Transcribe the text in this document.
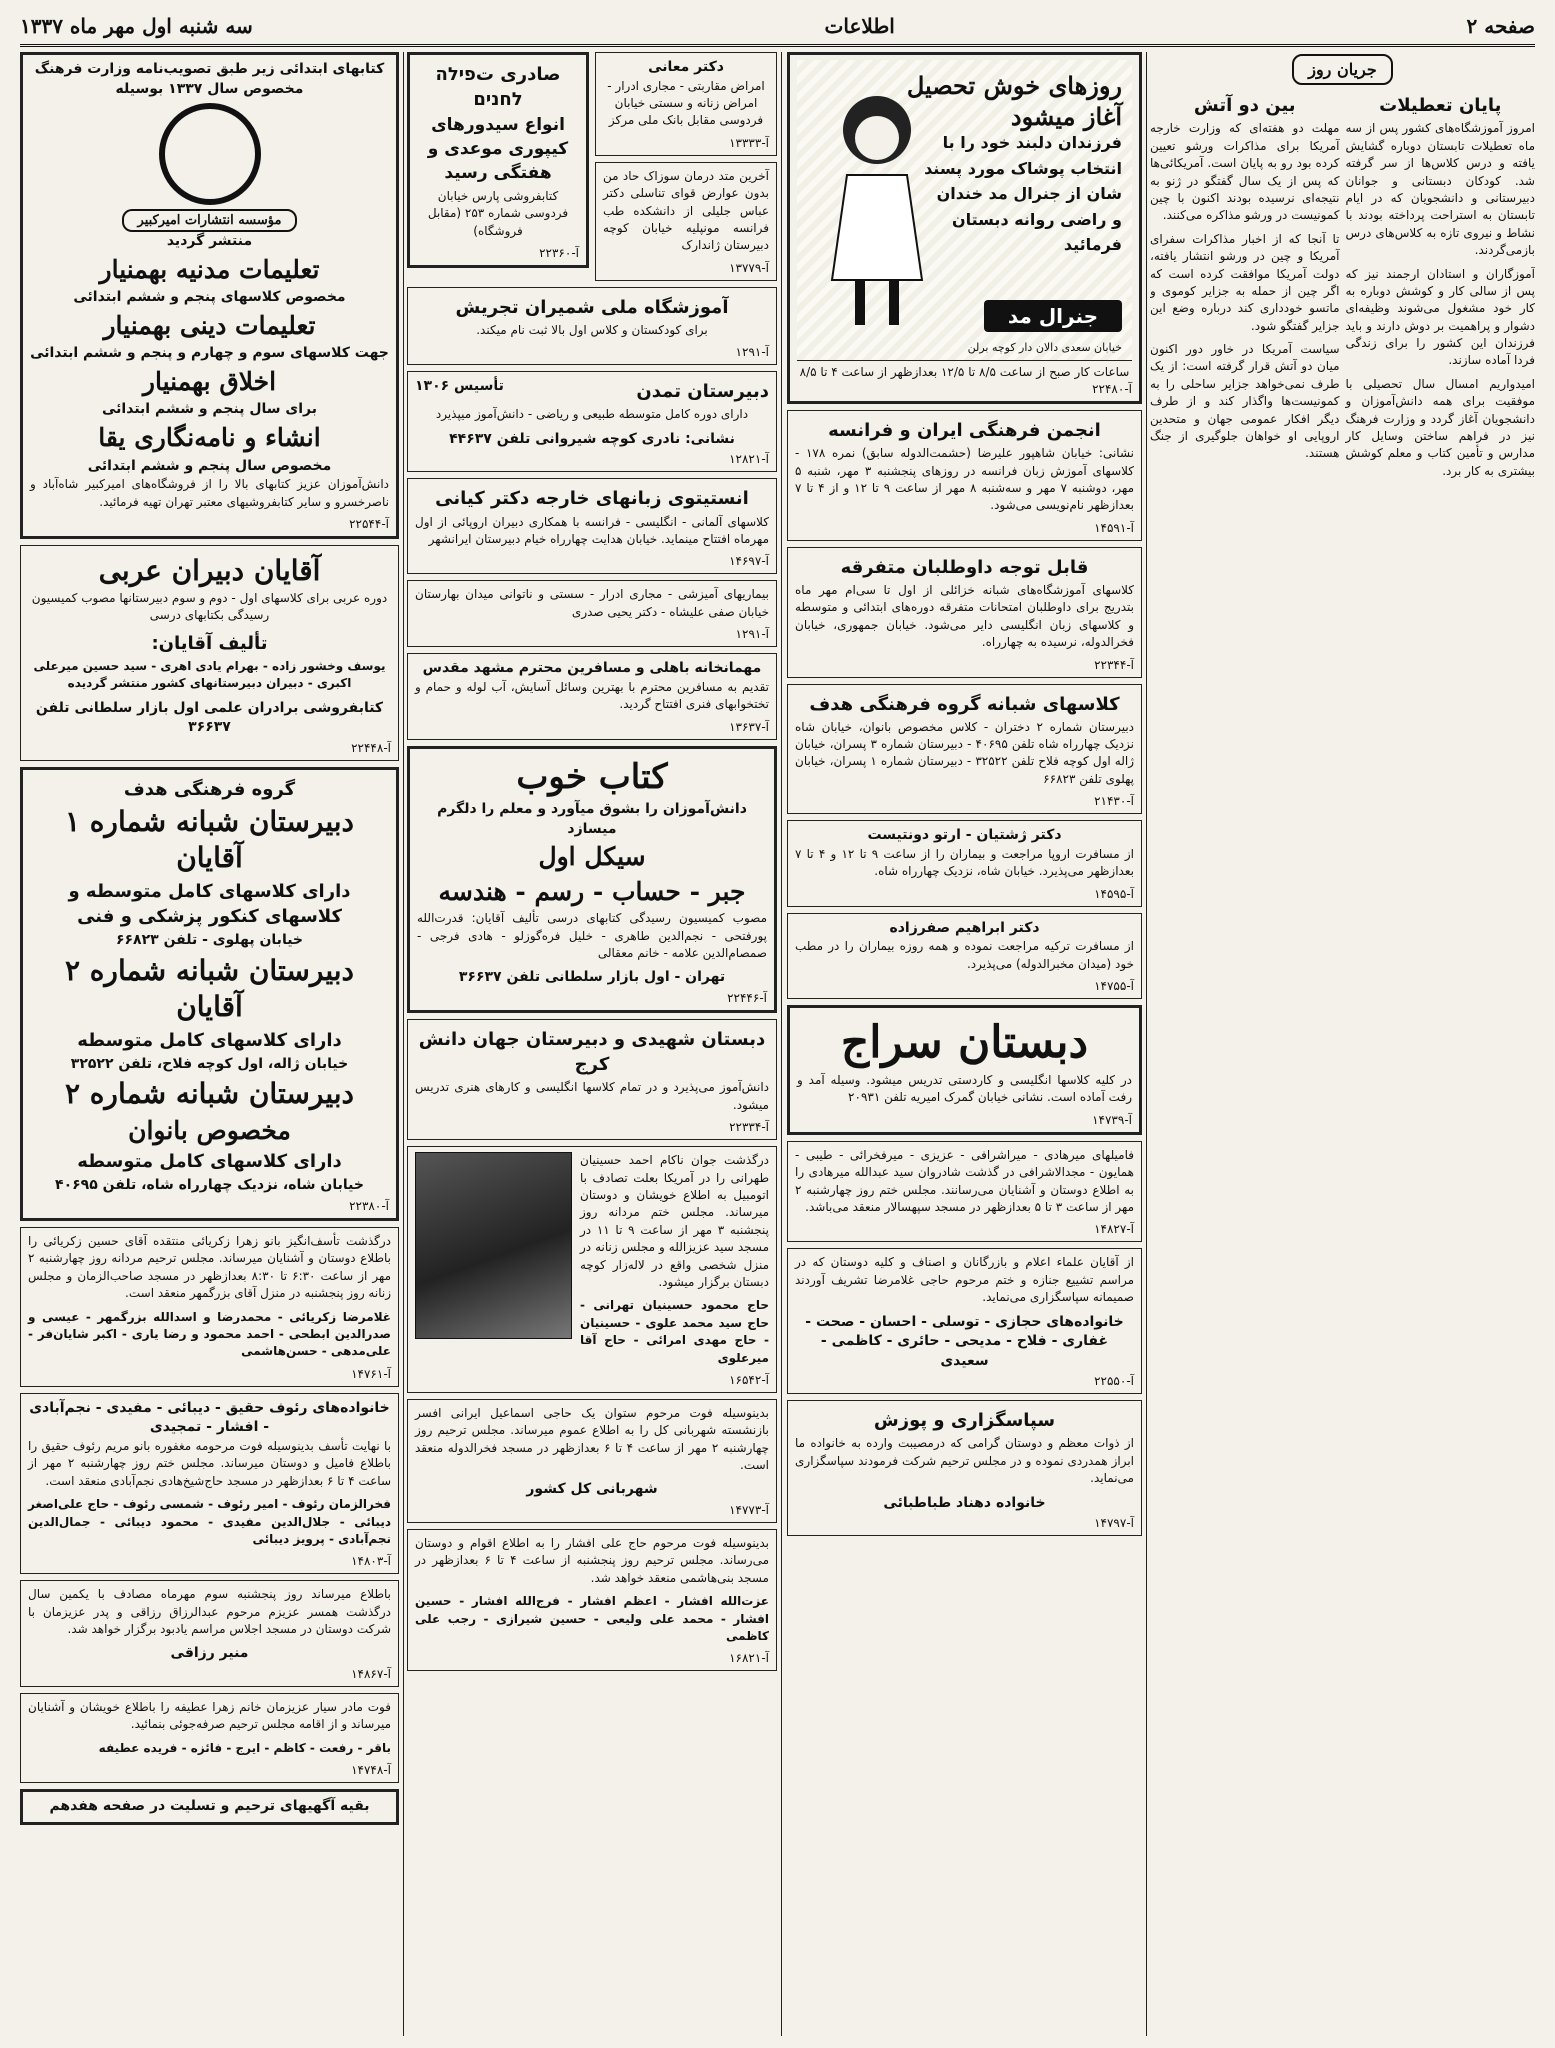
صفحه ۲
اطلاعات
سه شنبه اول مهر ماه ۱۳۳۷
جریان روز
پایان تعطیلات

امروز آموزشگاه‌های کشور پس از سه ماه تعطیلات تابستان دوباره گشایش یافته و درس کلاس‌ها از سر گرفته شد. کودکان دبستانی و جوانان دبیرستانی و دانشجویان که در ایام تابستان به استراحت پرداخته بودند با نشاط و نیروی تازه به کلاس‌های درس بازمی‌گردند.

آموزگاران و استادان ارجمند نیز که پس از سالی کار و کوشش دوباره به کار خود مشغول می‌شوند وظیفه‌ای دشوار و پراهمیت بر دوش دارند و باید فرزندان این کشور را برای زندگی فردا آماده سازند.

امیدواریم امسال سال تحصیلی با موفقیت برای همه دانش‌آموزان و دانشجویان آغاز گردد و وزارت فرهنگ نیز در فراهم ساختن وسایل کار مدارس و تأمین کتاب و معلم کوشش بیشتری به کار برد.

بین دو آتش

مهلت دو هفته‌ای که وزارت خارجه آمریکا برای مذاکرات ورشو تعیین کرده بود رو به پایان است. آمریکائی‌ها که پس از یک سال گفتگو در ژنو به نتیجه‌ای نرسیده بودند اکنون با چین کمونیست در ورشو مذاکره می‌کنند.

تا آنجا که از اخبار مذاکرات سفرای آمریکا و چین در ورشو انتشار یافته، دولت آمریکا موافقت کرده است که اگر چین از حمله به جزایر کوموی و ماتسو خودداری کند درباره وضع این جزایر گفتگو شود.

سیاست آمریکا در خاور دور اکنون میان دو آتش قرار گرفته است: از یک طرف نمی‌خواهد جزایر ساحلی را به کمونیست‌ها واگذار کند و از طرف دیگر افکار عمومی جهان و متحدین اروپایی او خواهان جلوگیری از جنگ هستند.

روزهای خوش تحصیل آغاز میشود
فرزندان دلبند خود را با انتخاب پوشاک مورد پسند شان از جنرال مد خندان و راضی روانه دبستان فرمائید
جنرال مد
خیابان سعدی دالان دار کوچه برلن
ساعات کار صبح از ساعت ۸/۵ تا ۱۲/۵ بعدازظهر از ساعت ۴ تا ۸/۵
آ-۲۲۴۸۰
انجمن فرهنگی ایران و فرانسه

نشانی: خیابان شاهپور علیرضا (حشمت‌الدوله سابق) نمره ۱۷۸ - کلاسهای آموزش زبان فرانسه در روزهای پنجشنبه ۳ مهر، شنبه ۵ مهر، دوشنبه ۷ مهر و سه‌شنبه ۸ مهر از ساعت ۹ تا ۱۲ و از ۴ تا ۷ بعدازظهر نام‌نویسی می‌شود.

آ-۱۴۵۹۱
قابل توجه داوطلبان متفرقه

کلاسهای آموزشگاه‌های شبانه خزائلی از اول تا سی‌ام مهر ماه بتدریج برای داوطلبان امتحانات متفرقه دوره‌های ابتدائی و متوسطه و کلاسهای زبان انگلیسی دایر می‌شود. خیابان جمهوری، خیابان فخرالدوله، نرسیده به چهارراه.

آ-۲۲۳۴۴
کلاسهای شبانه گروه فرهنگی هدف

دبیرستان شماره ۲ دختران - کلاس مخصوص بانوان، خیابان شاه نزدیک چهارراه شاه تلفن ۴۰۶۹۵ - دبیرستان شماره ۳ پسران، خیابان ژاله اول کوچه فلاح تلفن ۳۲۵۲۲ - دبیرستان شماره ۱ پسران، خیابان پهلوی تلفن ۶۶۸۲۳

آ-۲۱۴۳۰
دکتر ژشتیان - ارتو دونتیست

از مسافرت اروپا مراجعت و بیماران را از ساعت ۹ تا ۱۲ و ۴ تا ۷ بعدازظهر می‌پذیرد. خیابان شاه، نزدیک چهارراه شاه.

آ-۱۴۵۹۵
دکتر ابراهیم صفرزاده

از مسافرت ترکیه مراجعت نموده و همه روزه بیماران را در مطب خود (میدان مخبرالدوله) می‌پذیرد.

آ-۱۴۷۵۵
دبستان سراج

در کلیه کلاسها انگلیسی و کاردستی تدریس میشود. وسیله آمد و رفت آماده است. نشانی خیابان گمرک امیریه تلفن ۲۰۹۳۱

آ-۱۴۷۳۹

فامیلهای میرهادی - میراشرافی - عزیزی - میرفخرائی - طیبی - همایون - مجدالاشرافی در گذشت شادروان سید عبدالله میرهادی را به اطلاع دوستان و آشنایان می‌رسانند. مجلس ختم روز چهارشنبه ۲ مهر از ساعت ۳ تا ۵ بعدازظهر در مسجد سپهسالار منعقد می‌باشد.

آ-۱۴۸۲۷

از آقایان علماء اعلام و بازرگانان و اصناف و کلیه دوستان که در مراسم تشییع جنازه و ختم مرحوم حاجی غلامرضا تشریف آوردند صمیمانه سپاسگزاری می‌نماید.

خانواده‌های حجازی - توسلی - احسان - صحت - غفاری - فلاح - مدیحی - حائری - کاظمی - سعیدی
آ-۲۲۵۵۰
سپاسگزاری و پوزش

از ذوات معظم و دوستان گرامی که درمصیبت وارده به خانواده ما ابراز همدردی نموده و در مجلس ترحیم شرکت فرمودند سپاسگزاری می‌نماید.

خانواده دهناد طباطبائی
آ-۱۴۷۹۷
دکتر معانی

امراض مقاربتی - مجاری ادرار - امراض زنانه و سستی خیابان فردوسی مقابل بانک ملی مرکز

آ-۱۳۳۳۳

آخرین متد درمان سوزاک حاد من بدون عوارض قوای تناسلی دکتر عباس جلیلی از دانشکده طب فرانسه مونپلیه خیابان کوچه دبیرستان ژاندارک

آ-۱۳۷۷۹
صادری تפילה לחנים
انواع سیدورهای کیپوری موعدی و هفتگی رسید

کتابفروشی پارس خیابان فردوسی شماره ۲۵۳ (مقابل فروشگاه)

آ-۲۲۳۶۰
آموزشگاه ملی شمیران تجریش

برای کودکستان و کلاس اول بالا ثبت نام میکند.

آ-۱۲۹۱
دبیرستان تمدن
تأسیس ۱۳۰۶

دارای دوره کامل متوسطه طبیعی و ریاضی - دانش‌آموز میپذیرد

نشانی: نادری کوچه شیروانی تلفن ۴۴۶۳۷
آ-۱۲۸۲۱
انستیتوی زبانهای خارجه دکتر کیانی

کلاسهای آلمانی - انگلیسی - فرانسه با همکاری دبیران اروپائی از اول مهرماه افتتاح مینماید. خیابان هدایت چهارراه خیام دبیرستان ایرانشهر

آ-۱۴۶۹۷

بیماریهای آمیزشی - مجاری ادرار - سستی و ناتوانی میدان بهارستان خیابان صفی علیشاه - دکتر یحیی صدری

آ-۱۲۹۱
مهمانخانه باهلی و مسافرین محترم مشهد مقدس

تقدیم به مسافرین محترم با بهترین وسائل آسایش، آب لوله و حمام و تختخوابهای فنری افتتاح گردید.

آ-۱۳۶۳۷
کتاب خوب
دانش‌آموزان را بشوق میآورد و معلم را دلگرم میسازد
سیکل اول
جبر - حساب - رسم - هندسه

مصوب کمیسیون رسیدگی کتابهای درسی تألیف آقایان: قدرت‌الله پورفتحی - نجم‌الدین طاهری - خلیل فره‌گوزلو - هادی فرجی - صمصام‌الدین علامه - خانم معقالی

تهران - اول بازار سلطانی تلفن ۳۶۶۳۷
آ-۲۲۴۴۶
دبستان شهیدی و دبیرستان جهان دانش کرج

دانش‌آموز می‌پذیرد و در تمام کلاسها انگلیسی و کارهای هنری تدریس میشود.

آ-۲۲۳۳۴

درگذشت جوان ناکام احمد حسینیان طهرانی را در آمریکا بعلت تصادف با اتومبیل به اطلاع خویشان و دوستان میرساند. مجلس ختم مردانه روز پنجشنبه ۳ مهر از ساعت ۹ تا ۱۱ در مسجد سید عزیزالله و مجلس زنانه در منزل شخصی واقع در لاله‌زار کوچه دبستان برگزار میشود.

حاج محمود حسینیان تهرانی - حاج سید محمد علوی - حسینیان - حاج مهدی امرائی - حاج آقا میرعلوی

آ-۱۶۵۴۲

بدینوسیله فوت مرحوم ستوان یک حاجی اسماعیل ایرانی افسر بازنشسته شهربانی کل را به اطلاع عموم میرساند. مجلس ترحیم روز چهارشنبه ۲ مهر از ساعت ۴ تا ۶ بعدازظهر در مسجد فخرالدوله منعقد است.

شهربانی کل کشور
آ-۱۴۷۷۳

بدینوسیله فوت مرحوم حاج علی افشار را به اطلاع اقوام و دوستان می‌رساند. مجلس ترحیم روز پنجشنبه از ساعت ۴ تا ۶ بعدازظهر در مسجد بنی‌هاشمی منعقد خواهد شد.

عزت‌الله افشار - اعظم افشار - فرج‌الله افشار - حسین افشار - محمد علی ولیعی - حسین شیرازی - رجب علی کاظمی

آ-۱۶۸۲۱
کتابهای ابتدائی زیر طبق تصویب‌نامه وزارت فرهنگ مخصوص سال ۱۳۳۷ بوسیله
مؤسسه انتشارات امیرکبیر
منتشر گردید
تعلیمات مدنیه بهمنیار
مخصوص کلاسهای پنجم و ششم ابتدائی
تعلیمات دینی بهمنیار
جهت کلاسهای سوم و چهارم و پنجم و ششم ابتدائی
اخلاق بهمنیار
برای سال پنجم و ششم ابتدائی
انشاء و نامه‌نگاری یقا
مخصوص سال پنجم و ششم ابتدائی

دانش‌آموزان عزیز کتابهای بالا را از فروشگاه‌های امیرکبیر شاه‌آباد و ناصرخسرو و سایر کتابفروشیهای معتبر تهران تهیه فرمائید.

آ-۲۲۵۴۴
آقایان دبیران عربی

دوره عربی برای کلاسهای اول - دوم و سوم دبیرستانها مصوب کمیسیون رسیدگی بکتابهای درسی

تألیف آقایان:

یوسف وخشور زاده - بهرام یادی اهری - سید حسین میرعلی اکبری - دبیران دبیرستانهای کشور منتشر گردیده

کتابفروشی برادران علمی اول بازار سلطانی تلفن ۳۶۶۳۷
آ-۲۲۴۴۸
گروه فرهنگی هدف
دبیرستان شبانه شماره ۱ آقایان
دارای کلاسهای کامل متوسطه و کلاسهای کنکور پزشکی و فنی
خیابان پهلوی - تلفن ۶۶۸۲۳
دبیرستان شبانه شماره ۲ آقایان
دارای کلاسهای کامل متوسطه
خیابان ژاله، اول کوچه فلاح، تلفن ۳۲۵۲۲
دبیرستان شبانه شماره ۲
مخصوص بانوان
دارای کلاسهای کامل متوسطه
خیابان شاه، نزدیک چهارراه شاه، تلفن ۴۰۶۹۵
آ-۲۲۳۸۰

درگذشت تأسف‌انگیز بانو زهرا زکریائی منتقده آقای حسین زکریائی را باطلاع دوستان و آشنایان میرساند. مجلس ترحیم مردانه روز چهارشنبه ۲ مهر از ساعت ۶:۳۰ تا ۸:۳۰ بعدازظهر در مسجد صاحب‌الزمان و مجلس زنانه روز پنجشنبه در منزل آقای بزرگمهر منعقد است.

غلامرضا زکریائی - محمدرضا و اسدالله بزرگمهر - عیسی و صدرالدین ابطحی - احمد محمود و رضا یاری - اکبر شایان‌فر - علی‌مدهی - حسن‌هاشمی

آ-۱۴۷۶۱
خانواده‌های رئوف حقیق - دیبائی - مفیدی - نجم‌آبادی - افشار - تمجیدی

با نهایت تأسف بدینوسیله فوت مرحومه مغفوره بانو مریم رئوف حقیق را باطلاع فامیل و دوستان میرساند. مجلس ختم روز چهارشنبه ۲ مهر از ساعت ۴ تا ۶ بعدازظهر در مسجد حاج‌شیخ‌هادی نجم‌آبادی منعقد است.

فخرالزمان رئوف - امیر رئوف - شمسی رئوف - حاج علی‌اصغر دیبائی - جلال‌الدین مفیدی - محمود دیبائی - جمال‌الدین نجم‌آبادی - پرویز دیبائی

آ-۱۴۸۰۳

باطلاع میرساند روز پنجشنبه سوم مهرماه مصادف با یکمین سال درگذشت همسر عزیزم مرحوم عبدالرزاق رزاقی و پدر عزیزمان با شرکت دوستان در مسجد اجلاس مراسم یادبود برگزار خواهد شد.

منیر رزاقی
آ-۱۴۸۶۷

فوت مادر سیار عزیزمان خانم زهرا عطیفه را باطلاع خویشان و آشنایان میرساند و از اقامه مجلس ترحیم صرفه‌جوئی بنمائید.

باقر - رفعت - کاظم - ایرج - فائزه - فریده عطیفه

آ-۱۴۷۴۸
بقیه آگهیهای ترحیم و تسلیت در صفحه هفدهم
